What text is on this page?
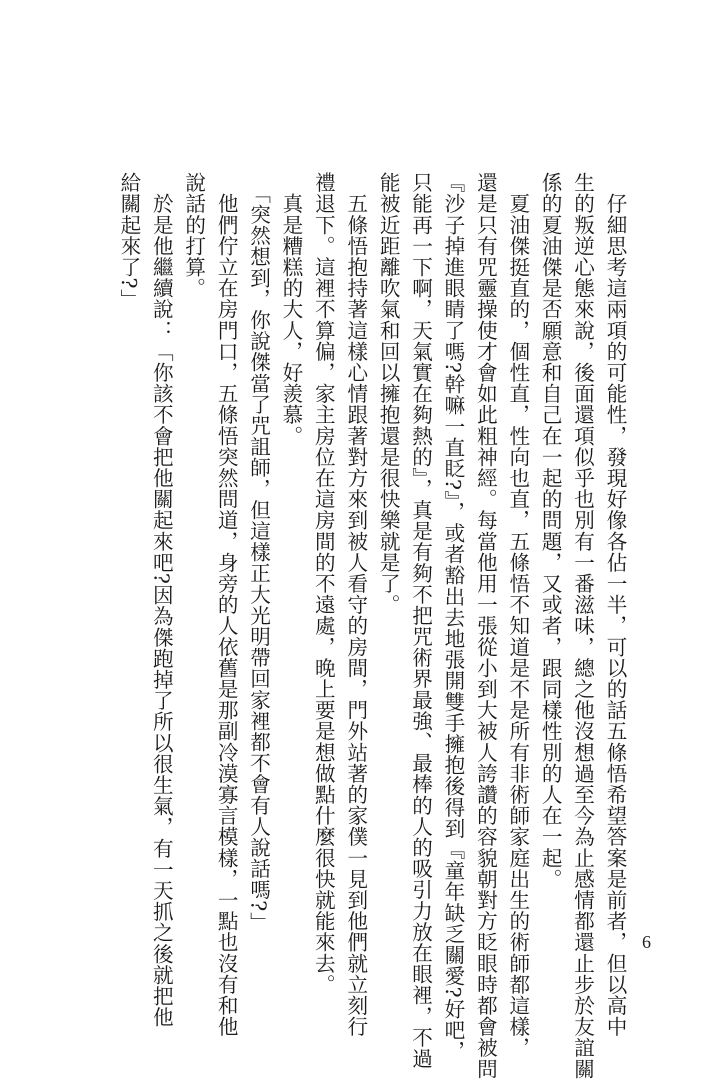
　仔細思考這兩項的可能性，發現好像各佔一半，可以的話五條悟希望答案是前者，但以高中
生的叛逆心態來說，後面還項似乎也別有一番滋味，總之他沒想過至今為止感情都還止步於友誼關
係的夏油傑是否願意和自己在一起的問題，又或者，跟同樣性別的人在一起。
　夏油傑挺直的，個性直，性向也直，五條悟不知道是不是所有非術師家庭出生的術師都這樣，
還是只有咒靈操使才會如此粗神經。每當他用一張從小到大被人誇讚的容貌朝對方眨眼時都會被問
『沙子掉進眼睛了嗎?幹嘛一直眨?』，或者豁出去地張開雙手擁抱後得到『童年缺乏關愛?好吧，
只能再一下啊，天氣實在夠熱的』，真是有夠不把咒術界最強、最棒的人的吸引力放在眼裡，不過
能被近距離吹氣和回以擁抱還是很快樂就是了。
　五條悟抱持著這樣心情跟著對方來到被人看守的房間，門外站著的家僕一見到他們就立刻行
禮退下。這裡不算偏，家主房位在這房間的不遠處，晚上要是想做點什麼很快就能來去。
　真是糟糕的大人，好羨慕。
　「突然想到，你說傑當了咒詛師，但這樣正大光明帶回家裡都不會有人說話嗎?」
　他們佇立在房門口，五條悟突然問道，身旁的人依舊是那副冷漠寡言模樣，一點也沒有和他
說話的打算。
　於是他繼續說：「你該不會把他關起來吧?因為傑跑掉了所以很生氣，有一天抓之後就把他
給關起來了?」
6
